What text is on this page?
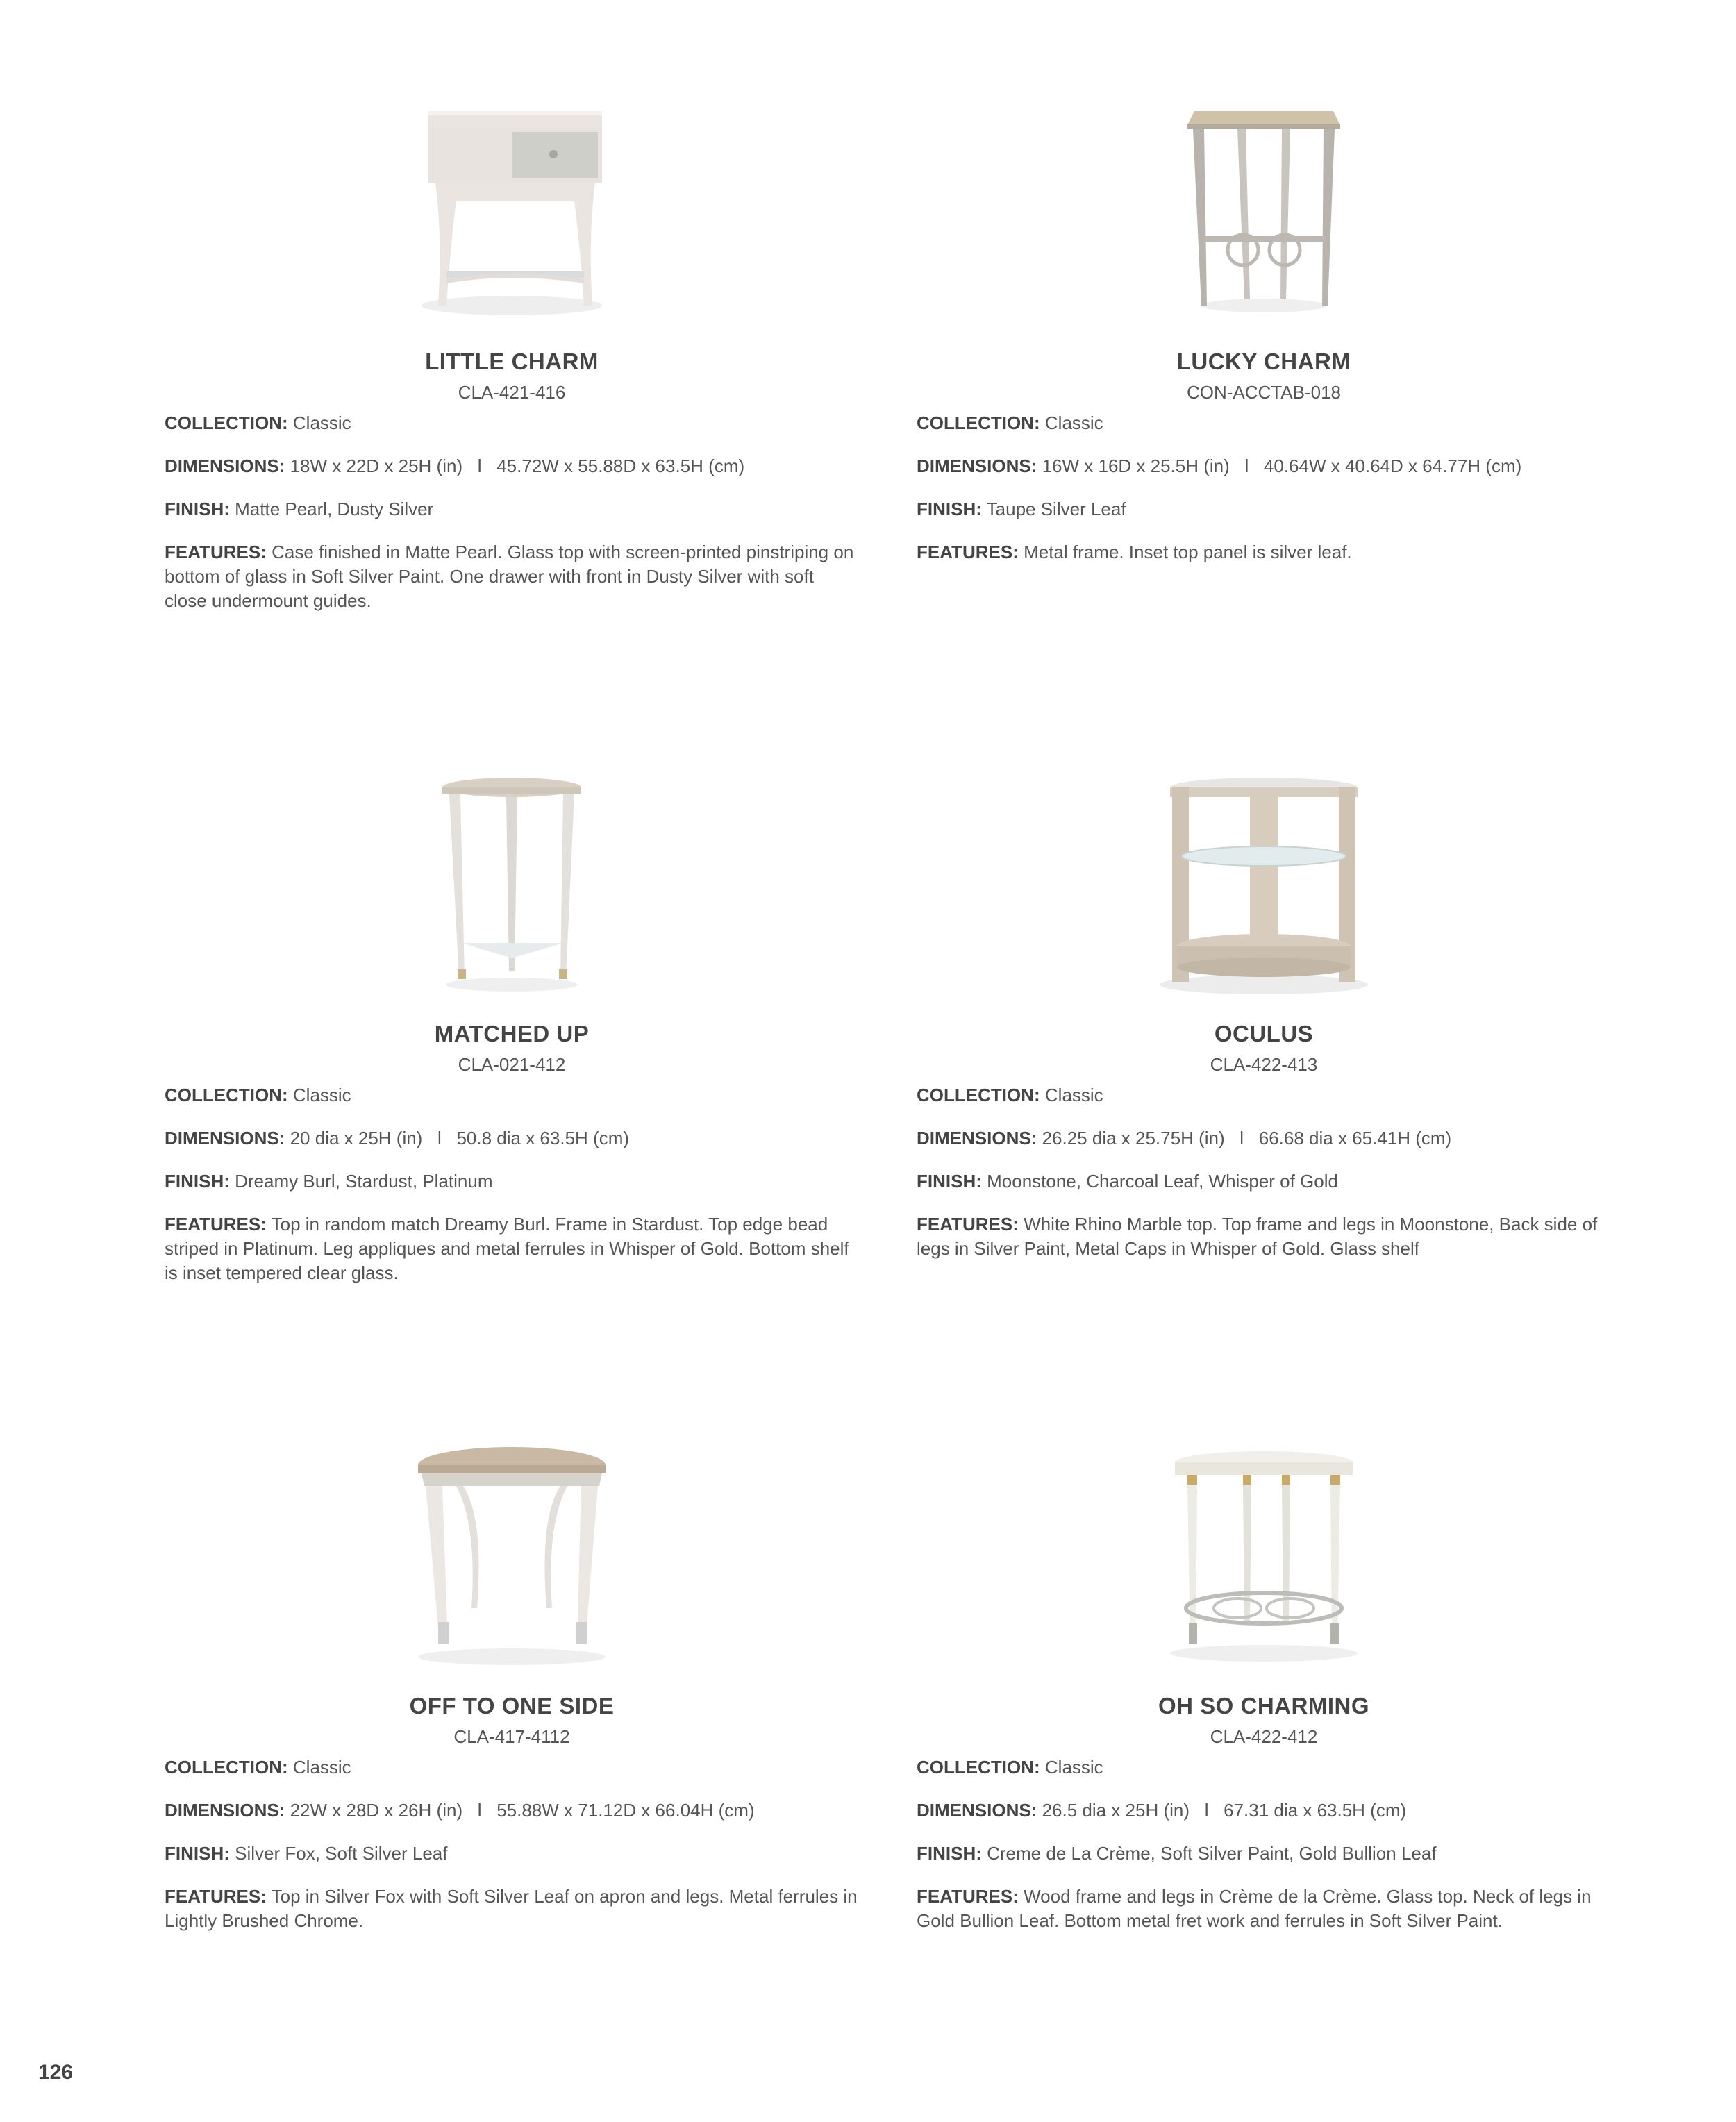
LITTLE CHARM
CLA-421-416
COLLECTION: Classic
DIMENSIONS: 18W x 22D x 25H (in)   l   45.72W x 55.88D x 63.5H (cm)
FINISH: Matte Pearl, Dusty Silver
FEATURES: Case finished in Matte Pearl. Glass top with screen-printed pinstriping on bottom of glass in Soft Silver Paint. One drawer with front in Dusty Silver with soft close undermount guides.
LUCKY CHARM
CON-ACCTAB-018
COLLECTION: Classic
DIMENSIONS: 16W x 16D x 25.5H (in)   l   40.64W x 40.64D x 64.77H (cm)
FINISH: Taupe Silver Leaf
FEATURES: Metal frame. Inset top panel is silver leaf.
MATCHED UP
CLA-021-412
COLLECTION: Classic
DIMENSIONS: 20 dia x 25H (in)   l   50.8 dia x 63.5H (cm)
FINISH: Dreamy Burl, Stardust, Platinum
FEATURES: Top in random match Dreamy Burl. Frame in Stardust. Top edge bead striped in Platinum. Leg appliques and metal ferrules in Whisper of Gold. Bottom shelf is inset tempered clear glass.
OCULUS
CLA-422-413
COLLECTION: Classic
DIMENSIONS: 26.25 dia x 25.75H (in)   l   66.68 dia x 65.41H (cm)
FINISH: Moonstone, Charcoal Leaf, Whisper of Gold
FEATURES: White Rhino Marble top. Top frame and legs in Moonstone, Back side of legs in Silver Paint, Metal Caps in Whisper of Gold. Glass shelf
OFF TO ONE SIDE
CLA-417-4112
COLLECTION: Classic
DIMENSIONS: 22W x 28D x 26H (in)   l   55.88W x 71.12D x 66.04H (cm)
FINISH: Silver Fox, Soft Silver Leaf
FEATURES: Top in Silver Fox with Soft Silver Leaf on apron and legs. Metal ferrules in Lightly Brushed Chrome.
OH SO CHARMING
CLA-422-412
COLLECTION: Classic
DIMENSIONS: 26.5 dia x 25H (in)   l   67.31 dia x 63.5H (cm)
FINISH: Creme de La Crème, Soft Silver Paint, Gold Bullion Leaf
FEATURES: Wood frame and legs in Crème de la Crème. Glass top. Neck of legs in Gold Bullion Leaf. Bottom metal fret work and ferrules in Soft Silver Paint.
126
